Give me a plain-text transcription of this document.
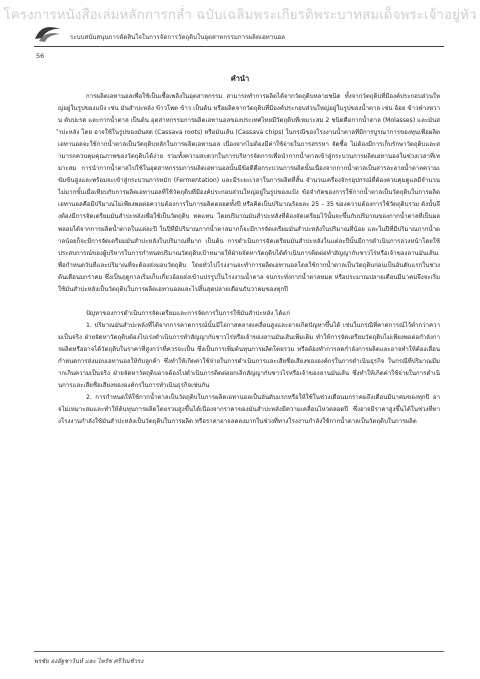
โครงการหนังสือเล่มหลักการกล่ำ ฉบับเฉลิมพระเกียรติพระบาทสมเด็จพระเจ้าอยู่หัว
ระบบสนับสนุนการตัดสินใจในการจัดการวัตถุดิบในอุตสาหกรรมการผลิตเอทานอล
56
คำนำ

การผลิตเอทานอลเพื่อใช้เป็นเชื้อเพลิงในอุตสาหกรรม สามารถทำการผลิตได้จากวัตถุดิบหลายชนิด ทั้งจากวัตถุดิบที่มีองค์ประกอบส่วนใหญ่อยู่ในรูปของแป้ง เช่น มันสำปะหลัง ข้าวโพด ข้าว เป็นต้น หรือผลิตจากวัตถุดิบที่มีองค์ประกอบส่วนใหญ่อยู่ในรูปของน้ำตาล เช่น อ้อย ข้าวฟ่างหวาน ตับปะรด และกากน้ำตาล เป็นต้น อุตสาหกรรมการผลิตเอทานอลของประเทศไทยมีวัตถุดิบที่เหมาะสม 2 ชนิดคือกากน้ำตาล (Molasses) และมันสำปะหลัง โดย อาจใช้ในรูปของมันสด (Cassava roots) หรือมันเส้น (Cassava chips) ในกรณีของโรงงานน้ำตาลที่มีการบูรณาการของทุนเพื่อผลิตเอทานอลจะใช้กากน้ำตาลเป็นวัตถุดิบหลักในการผลิตเอทานอล เนื่องจากไม่ต้องมีค่าใช้จ่ายในการสรรหา จัดซื้อ ไม่ต้องมีการเก็บรักษาวัตถุดิบและสามารถควบคุมคุณภาพของวัตถุดิบได้ง่าย รวมทั้งความสะดวกในการบริหารจัดการเพื่อนำกากน้ำตาลเข้าสู่กระบวนการผลิตเอทานอลในช่วงเวลาที่เหมาะสม การนำกากน้ำตาลไปใช้ในอุตสาหกรรมการผลิตเอทานอลนั้นมีข้อดีคือกระบวนการผลิตนั้นเนื่องจากกากน้ำตาลเป็นสารละลายน้ำตาลความเข้มข้นสูงและพร้อมจะเข้าสู่กระบวนการหมัก (Fermentation) และมีระยะเวลาในการผลิตที่สั้น จำนวนเครื่องจักรอุปกรณ์ที่ต้องควบคุมดูแลมีจำนวนไม่มากขั้นเมื่อเทียบกับการผลิตเอทานอลที่ใช้วัตถุดิบที่มีองค์ประกอบส่วนใหญ่อยู่ในรูปของแป้ง ข้อจำกัดของการใช้กากน้ำตาลเป็นวัตถุดิบในการผลิตเอทานอลคือมีปริมาณไม่เพียงพอต่อความต้องการในการผลิตตลอดทั้งปี หรือคิดเป็นปริมาณร้อยละ 25 – 35 ของความต้องการใช้วัตถุดิบรวม ดังนั้นจึงต้องมีการจัดเตรียมมันสำปะหลังเพื่อใช้เป็นวัตถุดิบ ทดแทน โดยปริมาณมันสำปะหลังที่ต้องจัดเตรียมไว้นั้นจะขึ้นกับปริมาณของกากน้ำตาลที่เป็นผลพลอยได้จากการผลิตน้ำตาลในแต่ละปี ในปีที่มีปริมาณกากน้ำตาลมากก็จะมีการจัดเตรียมมันสำปะหลังในปริมาณที่น้อย และในปีที่มีปริมาณกากน้ำตาลน้อยก็จะมีการจัดเตรียมมันสำปะหลังในปริมาณที่มาก เป็นต้น การดำเนินการจัดเตรียมมันสำปะหลังในแต่ละปีนั้นมีการดำเนินการล่วงหน้าโดยใช้ประสบการณ์ของผู้บริหารในการกำหนดปริมาณวัตถุดิบเป้าหมายให้ฝ่ายจัดหาวัตถุดิบได้ดำเนินการติดต่อทำสัญญากับชาวไร่หรือเจ้าของลานมันเส้นเพื่อกำหนดวันที่และปริมาณที่จะต้องส่งมอบวัตถุดิบ โดยทั่วไปโรงงานจะทำการผลิตเอทานอลโดยใช้กากน้ำตาลเป็นวัตถุดิบก่อนเป็นอันดับแรกในช่วงต้นเดือนมกราคม ซึ่งเป็นฤดูกาลเริ่มเก็บเกี่ยวอ้อยส่งเข้าแปรรูปในโรงงานน้ำตาล จนกระทั่งกากน้ำตาลหมด หรือประมาณปลายเดือนมีนาคมจึงจะเริ่มใช้มันสำปะหลังเป็นวัตถุดิบในการผลิตเอทานอลและไปสิ้นสุดปลายเดือนธันวาคมของทุกปี

ปัญหาของการดำเนินการจัดเตรียมและการจัดการในการใช้มันสำปะหลัง ได้แก่

1. ปริมาณมันสำปะหลังที่ได้จากการคาดการณ์นั้นมีโอกาสคลาดเคลื่อนสูงและอาจเกิดปัญหาขึ้นได้ เช่นในกรณีที่คาดการณ์ไว้ต่ำกว่าความเป็นจริง ฝ่ายจัดหาวัตถุดิบต้องไปเร่งดำเนินการทำสัญญากับชาวไร่หรือเจ้าของลานมันเส้นเพิ่มเติม ทำให้การจัดเตรียมวัตถุดิบไม่เพียงพอต่อกำลังการผลิตหรืออาจได้วัตถุดิบในราคาที่สูงกว่าที่ควรจะเป็น ซึ่งเป็นการเพิ่มต้นทุนการผลิตโดยรวม หรือต้องทำการลดกำลังการผลิตและอาจทำให้ต้องเลื่อนกำหนดการส่งมอบเอทานอลให้กับลูกค้า ซึ่งทำให้เกิดค่าใช้จ่ายในการดำเนินการและเสียชื่อเสียงขององค์กรในการดำเนินธุรกิจ ในกรณีที่ปริมาณมีมากเกินความเป็นจริง ฝ่ายจัดหาวัตถุดิบอาจต้องไปดำเนินการติดต่อยกเลิกสัญญากับชาวไร่หรือเจ้าของลานมันเส้น ซึ่งทำให้เกิดค่าใช้จ่ายในการดำเนินการและเสียชื่อเสียงขององค์กรในการทำเนินธุรกิจเช่นกัน

2. การกำหนดให้ใช้กากน้ำตาลเป็นวัตถุดิบในการผลิตเอทานอลเป็นอันดับแรกหรือให้ใช้ในช่วงเดือนมกราคมถึงเดือนมีนาคมของทุกปี อาจไม่เหมาะสมและทำให้ต้นทุนการผลิตโดยรวมสูงขึ้นได้เนื่องจากราคาของมันสำปะหลังมีความเคลื่อนไหวตลอดปี ซึ่งอาจมีราคาสูงขึ้นได้ในช่วงที่ทางโรงงานกำลังใช้มันสำปะหลังเป็นวัตถุดิบในการผลิต หรือราคาอาจลดลงมากในช่วงที่ทางโรงงานกำลังใช้กากน้ำตาลเป็นวัตถุดิบในการผลิต

พรชัย องอัฐชาวันห์ และ ไพรัช ศรีวัณชัวรง
